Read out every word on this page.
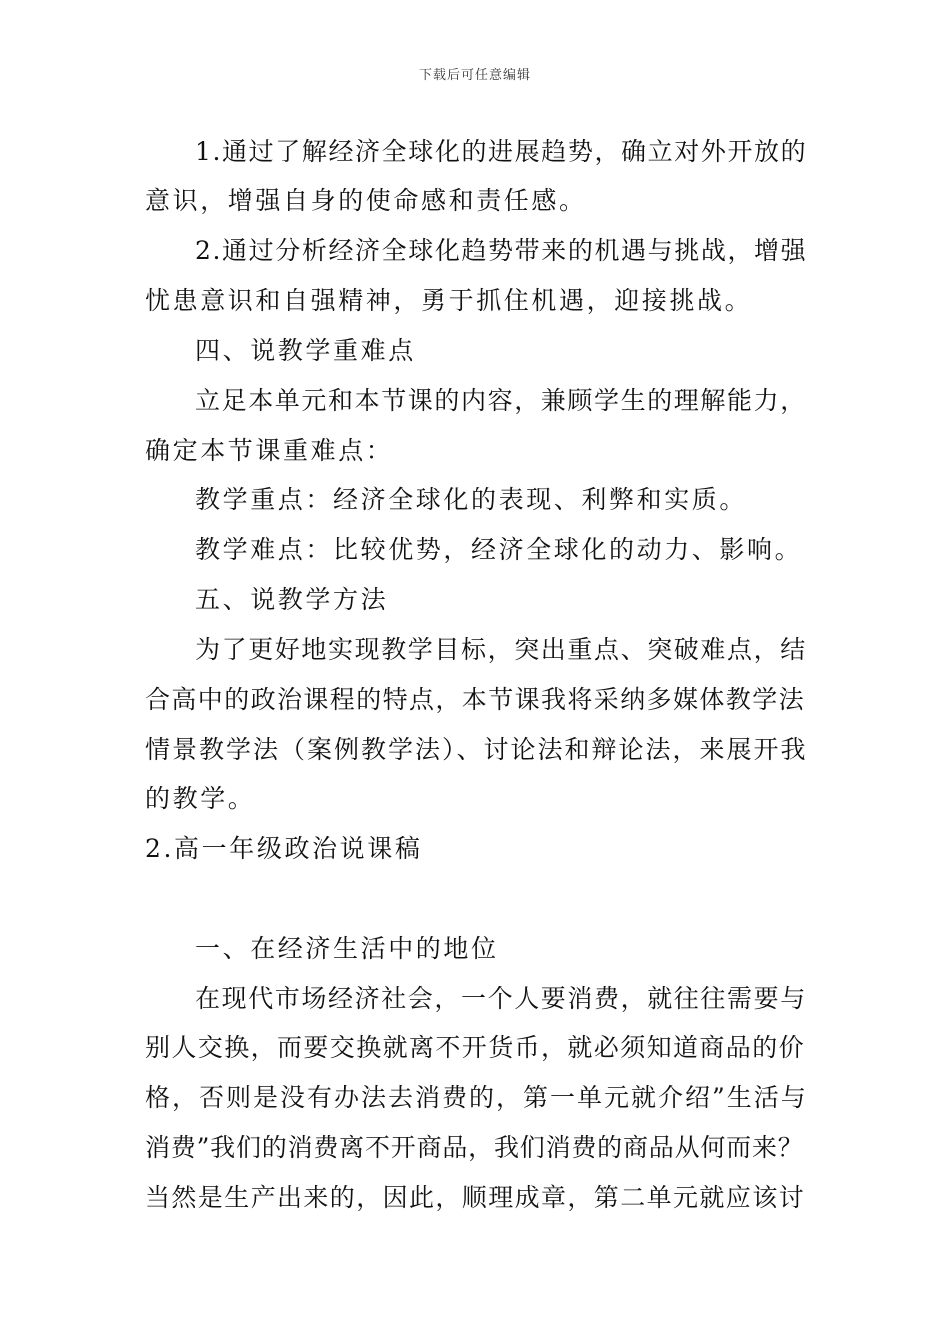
下载后可任意编辑
1.通过了解经济全球化的进展趋势，确立对外开放的
意识，增强自身的使命感和责任感。
2.通过分析经济全球化趋势带来的机遇与挑战，增强
忧患意识和自强精神，勇于抓住机遇，迎接挑战。
四、说教学重难点
立足本单元和本节课的内容，兼顾学生的理解能力，
确定本节课重难点：
教学重点：经济全球化的表现、利弊和实质。
教学难点：比较优势，经济全球化的动力、影响。
五、说教学方法
为了更好地实现教学目标，突出重点、突破难点，结
合高中的政治课程的特点，本节课我将采纳多媒体教学法
情景教学法（案例教学法）、讨论法和辩论法，来展开我
的教学。
2.高一年级政治说课稿
一、在经济生活中的地位
在现代市场经济社会，一个人要消费，就往往需要与
别人交换，而要交换就离不开货币，就必须知道商品的价
格，否则是没有办法去消费的，第一单元就介绍”生活与
消费”我们的消费离不开商品，我们消费的商品从何而来？
当然是生产出来的，因此，顺理成章，第二单元就应该讨
